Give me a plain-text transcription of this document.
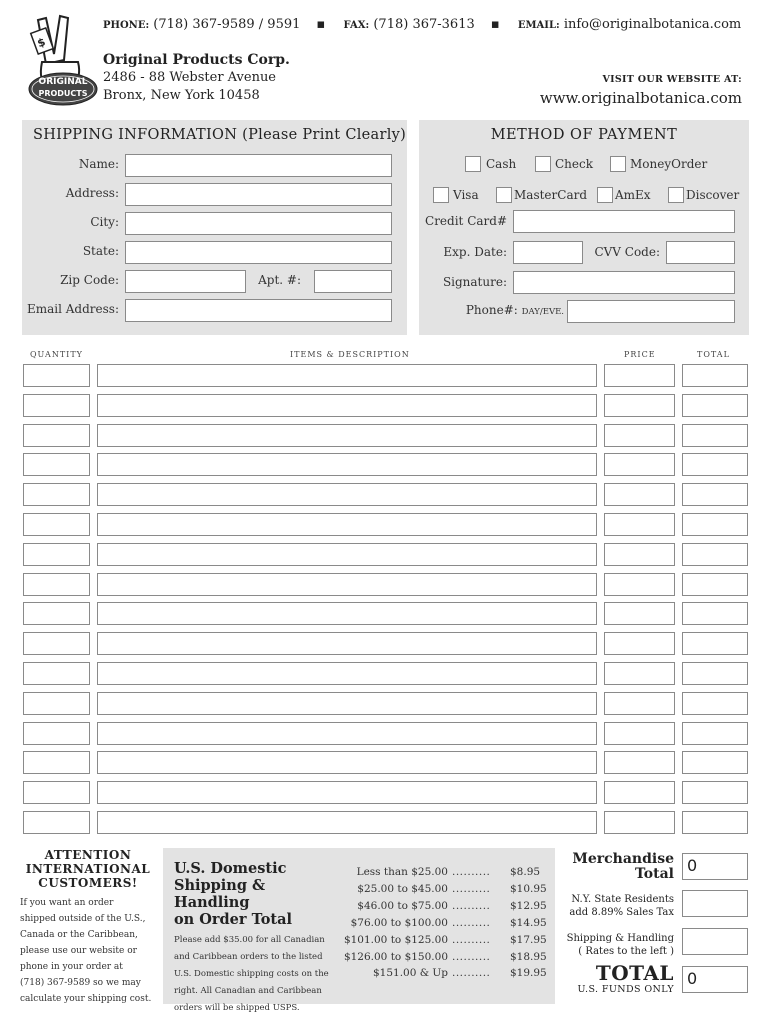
$
ORIGINAL
PRODUCTS
PHONE: (718) 367-9589 / 9591 ▪ FAX: (718) 367-3613 ▪ EMAIL: info@originalbotanica.com
Original Products Corp.
2486 - 88 Webster Avenue
Bronx, New York 10458
VISIT OUR WEBSITE AT:
www.originalbotanica.com
SHIPPING INFORMATION (Please Print Clearly)
Name:
Address:
City:
State:
Zip Code:	Apt. #:
Email Address:
METHOD OF PAYMENT
Cash	Check	MoneyOrder
Visa	MasterCard AmEx	Discover
Credit Card#
Exp. Date:	CVV Code:
Signature:
Phone#: DAY/EVE.
QUANTITY	ITEMS & DESCRIPTION	PRICE	TOTAL
ATTENTION
INTERNATIONAL
CUSTOMERS!
If you want an order
shipped outside of the U.S.,
Canada or the Caribbean,
please use our website or
phone in your order at
(718) 367-9589 so we may
calculate your shipping cost.
U.S. Domestic
Shipping & Handling
on Order Total
Please add $35.00 for all Canadian
and Caribbean orders to the listed
U.S. Domestic shipping costs on the
right. All Canadian and Caribbean
orders will be shipped USPS.
Less than $25.00 .......... $8.95
$25.00 to $45.00 .......... $10.95
$46.00 to $75.00 .......... $12.95
$76.00 to $100.00 .......... $14.95
$101.00 to $125.00 .......... $17.95
$126.00 to $150.00 .......... $18.95
$151.00 & Up .......... $19.95
Merchandise
Total 0
N.Y. State Residents
add 8.89% Sales Tax
Shipping & Handling
( Rates to the left )
TOTAL
U.S. FUNDS ONLY
0
